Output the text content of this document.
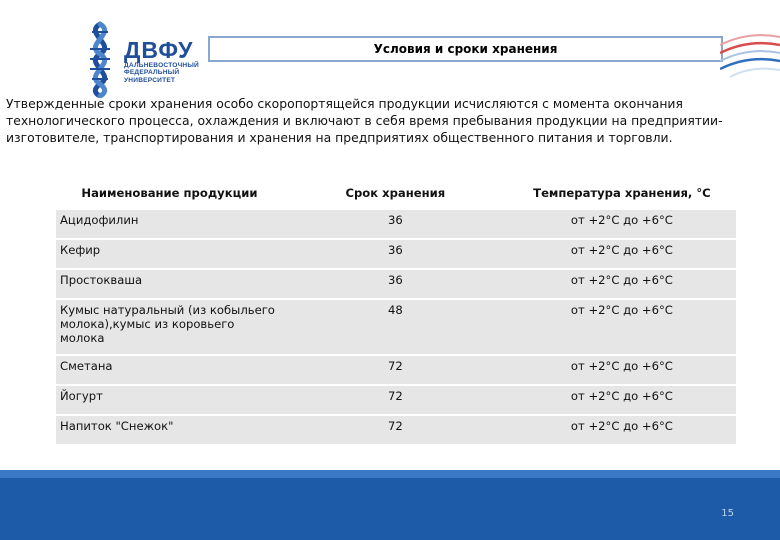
ДВФУ
ДАЛЬНЕВОСТОЧНЫЙ
ФЕДЕРАЛЬНЫЙ
УНИВЕРСИТЕТ
Условия и сроки хранения
Утвержденные сроки хранения особо скоропортящейся продукции исчисляются с момента окончания технологического процесса, охлаждения и включают в себя время пребывания продукции на предприятии-изготовителе, транспортирования и хранения на предприятиях общественного питания и торговли.
Наименование продукции	Срок хранения	Температура хранения, °С
Ацидофилин	36	от +2°С до +6°С
Кефир	36	от +2°С до +6°С
Простокваша	36	от +2°С до +6°С
Кумыс натуральный (из кобыльего молока),кумыс из коровьего молока	48	от +2°С до +6°С
Сметана	72	от +2°С до +6°С
Йогурт	72	от +2°С до +6°С
Напиток "Снежок"	72	от +2°С до +6°С
15
